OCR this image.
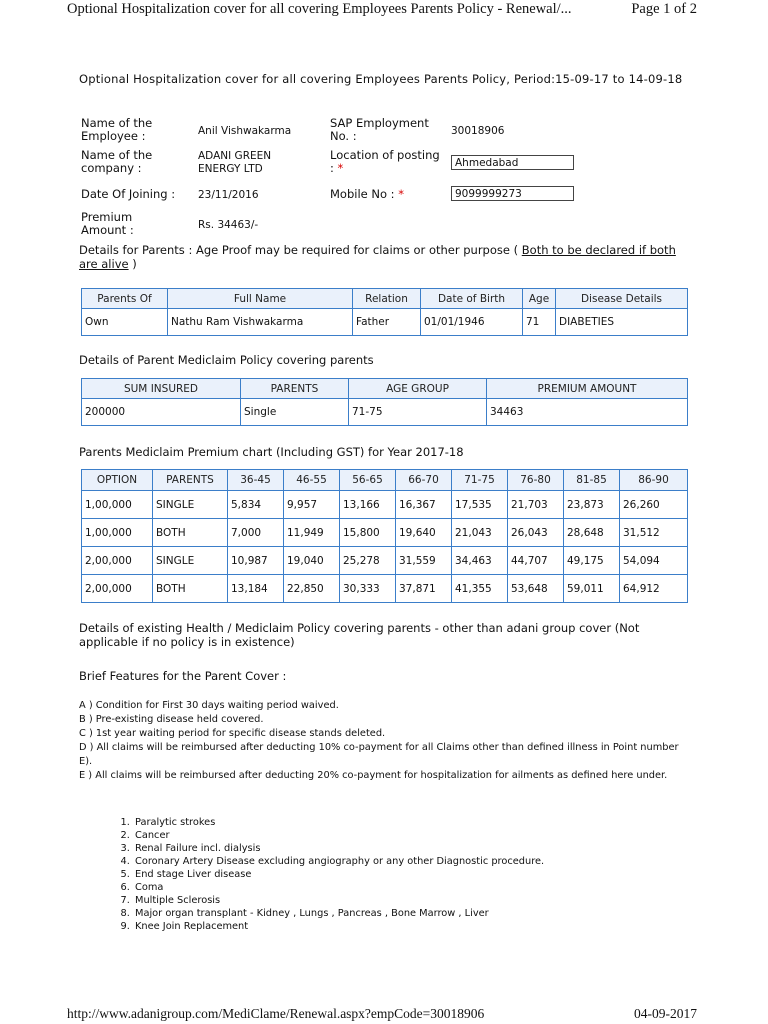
Optional Hospitalization cover for all covering Employees Parents Policy - Renewal/...	Page 1 of 2
Optional Hospitalization cover for all covering Employees Parents Policy, Period:15-09-17 to 14-09-18
Name of the Employee :	Anil Vishwakarma
SAP Employment No. :	30018906
Name of the company :
ADANI GREEN ENERGY LTD
Location of posting : *	Ahmedabad
Date Of Joining : 23/11/2016	Mobile No : *	9099999273
Premium Amount :	Rs. 34463/-
Details for Parents : Age Proof may be required for claims or other purpose ( Both to be declared if both are alive )
Parents Of	Full Name	Relation	Date of Birth	Age	Disease Details
Own	Nathu Ram Vishwakarma	Father	01/01/1946	71	DIABETIES
Details of Parent Mediclaim Policy covering parents
SUM INSURED	PARENTS	AGE GROUP	PREMIUM AMOUNT
200000	Single	71-75	34463
Parents Mediclaim Premium chart (Including GST) for Year 2017-18
OPTION	PARENTS	36-45	46-55	56-65	66-70	71-75	76-80	81-85	86-90
1,00,000	SINGLE	5,834	9,957	13,166	16,367	17,535	21,703	23,873	26,260
1,00,000	BOTH	7,000	11,949	15,800	19,640	21,043	26,043	28,648	31,512
2,00,000	SINGLE	10,987	19,040	25,278	31,559	34,463	44,707	49,175	54,094
2,00,000	BOTH	13,184	22,850	30,333	37,871	41,355	53,648	59,011	64,912
Details of existing Health / Mediclaim Policy covering parents - other than adani group cover (Not applicable if no policy is in existence)
Brief Features for the Parent Cover :

A ) Condition for First 30 days waiting period waived.

B ) Pre-existing disease held covered.

C ) 1st year waiting period for specific disease stands deleted.

D ) All claims will be reimbursed after deducting 10% co-payment for all Claims other than defined illness in Point number E).

E ) All claims will be reimbursed after deducting 20% co-payment for hospitalization for ailments as defined here under.

1. Paralytic strokes
2. Cancer
3. Renal Failure incl. dialysis
4. Coronary Artery Disease excluding angiography or any other Diagnostic procedure.
5. End stage Liver disease
6. Coma
7. Multiple Sclerosis
8. Major organ transplant - Kidney , Lungs , Pancreas , Bone Marrow , Liver
9. Knee Join Replacement
http://www.adanigroup.com/MediClame/Renewal.aspx?empCode=30018906	04-09-2017
